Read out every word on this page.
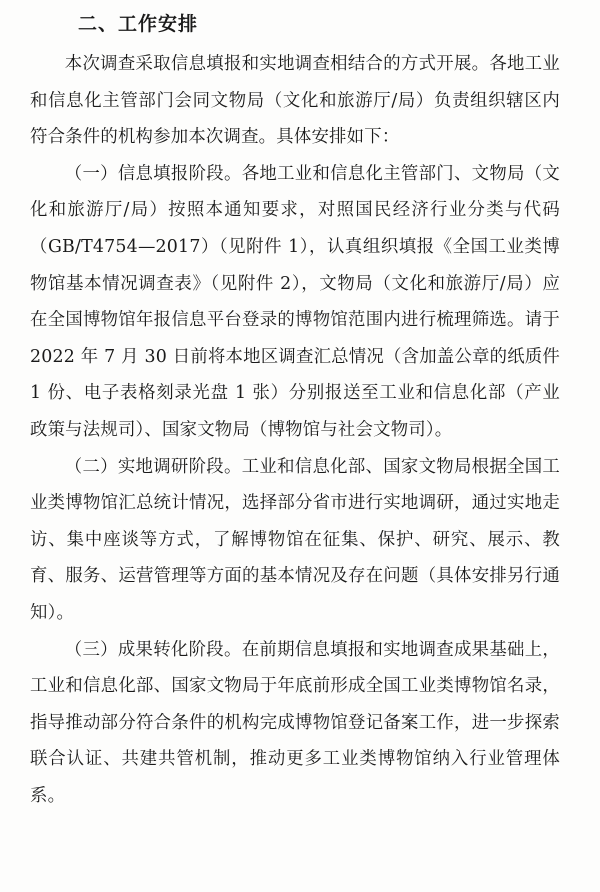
二、工作安排

本次调查采取信息填报和实地调查相结合的方式开展。各地工业和信息化主管部门会同文物局（文化和旅游厅/局）负责组织辖区内符合条件的机构参加本次调查。具体安排如下：

（一）信息填报阶段。各地工业和信息化主管部门、文物局（文化和旅游厅/局）按照本通知要求，对照国民经济行业分类与代码（GB/T4754—2017）（见附件 1），认真组织填报《全国工业类博物馆基本情况调查表》（见附件 2），文物局（文化和旅游厅/局）应在全国博物馆年报信息平台登录的博物馆范围内进行梳理筛选。请于 2022 年 7 月 30 日前将本地区调查汇总情况（含加盖公章的纸质件 1 份、电子表格刻录光盘 1 张）分别报送至工业和信息化部（产业政策与法规司）、国家文物局（博物馆与社会文物司）。

（二）实地调研阶段。工业和信息化部、国家文物局根据全国工业类博物馆汇总统计情况，选择部分省市进行实地调研，通过实地走访、集中座谈等方式，了解博物馆在征集、保护、研究、展示、教育、服务、运营管理等方面的基本情况及存在问题（具体安排另行通知）。

（三）成果转化阶段。在前期信息填报和实地调查成果基础上，工业和信息化部、国家文物局于年底前形成全国工业类博物馆名录，指导推动部分符合条件的机构完成博物馆登记备案工作，进一步探索联合认证、共建共管机制，推动更多工业类博物馆纳入行业管理体系。
